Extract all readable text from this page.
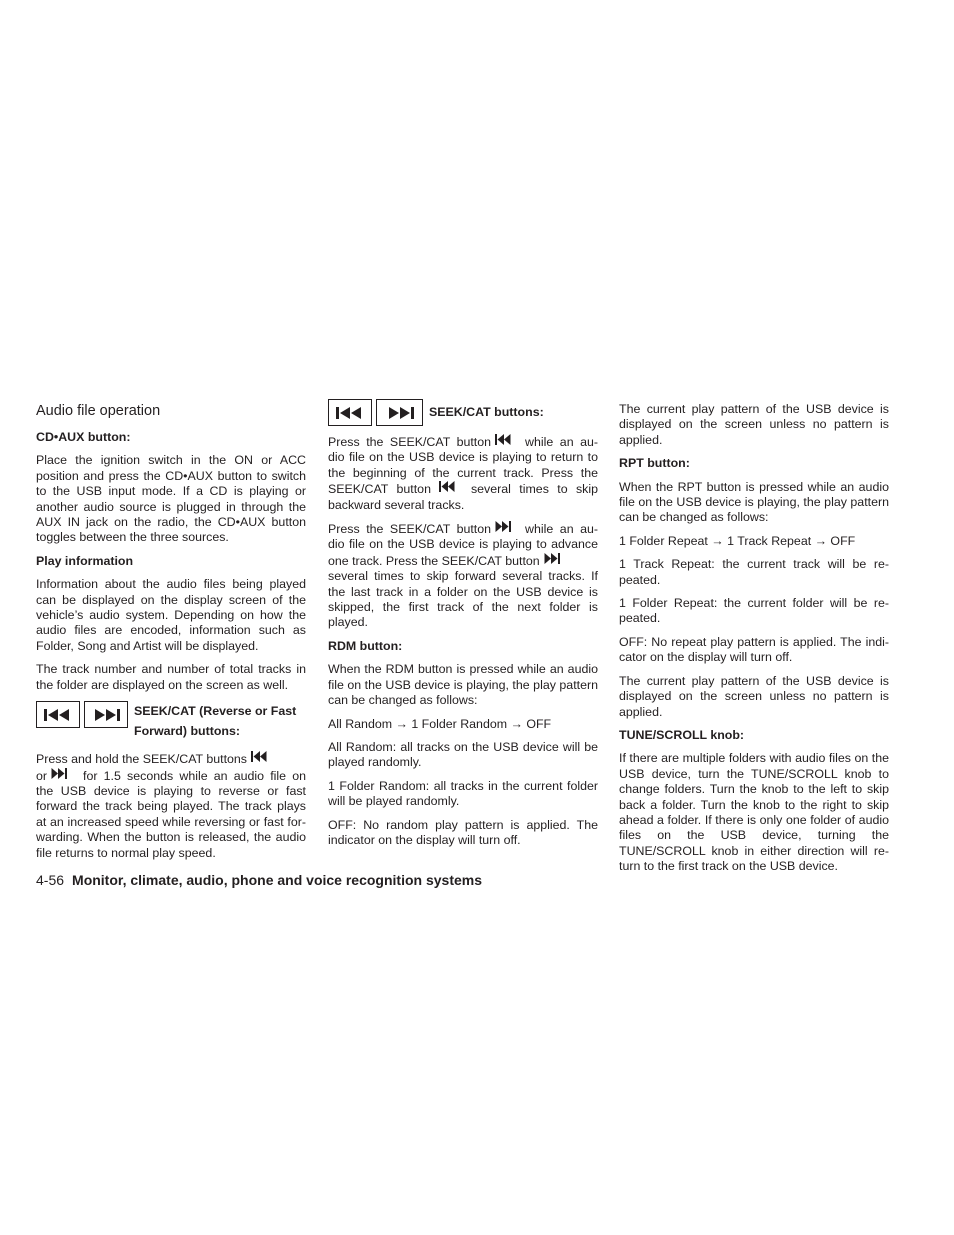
Audio file operation
CD•AUX button:

Place the ignition switch in the ON or ACC position and press the CD•AUX button to switch to the USB input mode. If a CD is playing or another audio source is plugged in through the AUX IN jack on the radio, the CD•AUX button toggles between the three sources.

Play information

Information about the audio files being played can be displayed on the display screen of the vehicle’s audio system. Depending on how the audio files are encoded, information such as Folder, Song and Artist will be displayed.

The track number and number of total tracks in the folder are displayed on the screen as well.

SEEK/CAT (Reverse or Fast Forward) buttons:

Press and hold the SEEK/CAT buttons
or	for 1.5 seconds while an audio file on the USB device is playing to reverse or fast forward the track being played. The track plays at an increased speed while reversing or fast for-warding. When the button is released, the audio file returns to normal play speed.

SEEK/CAT buttons:

Press the SEEK/CAT button	while an au-dio file on the USB device is playing to return to the beginning of the current track. Press the SEEK/CAT button	several times to skip backward several tracks.

Press the SEEK/CAT button	while an au-dio file on the USB device is playing to advance one track. Press the SEEK/CAT button
several times to skip forward several tracks. If the last track in a folder on the USB device is skipped, the first track of the next folder is played.

RDM button:

When the RDM button is pressed while an audio file on the USB device is playing, the play pattern can be changed as follows:

All Random → 1 Folder Random → OFF

All Random: all tracks on the USB device will be played randomly.

1 Folder Random: all tracks in the current folder will be played randomly.

OFF: No random play pattern is applied. The indicator on the display will turn off.

The current play pattern of the USB device is displayed on the screen unless no pattern is applied.

RPT button:

When the RPT button is pressed while an audio file on the USB device is playing, the play pattern can be changed as follows:

1 Folder Repeat → 1 Track Repeat → OFF

1 Track Repeat: the current track will be re-peated.

1 Folder Repeat: the current folder will be re-peated.

OFF: No repeat play pattern is applied. The indi-cator on the display will turn off.

The current play pattern of the USB device is displayed on the screen unless no pattern is applied.

TUNE/SCROLL knob:

If there are multiple folders with audio files on the USB device, turn the TUNE/SCROLL knob to change folders. Turn the knob to the left to skip back a folder. Turn the knob to the right to skip ahead a folder. If there is only one folder of audio files on the USB device, turning the TUNE/SCROLL knob in either direction will re-turn to the first track on the USB device.

4-56 Monitor, climate, audio, phone and voice recognition systems
